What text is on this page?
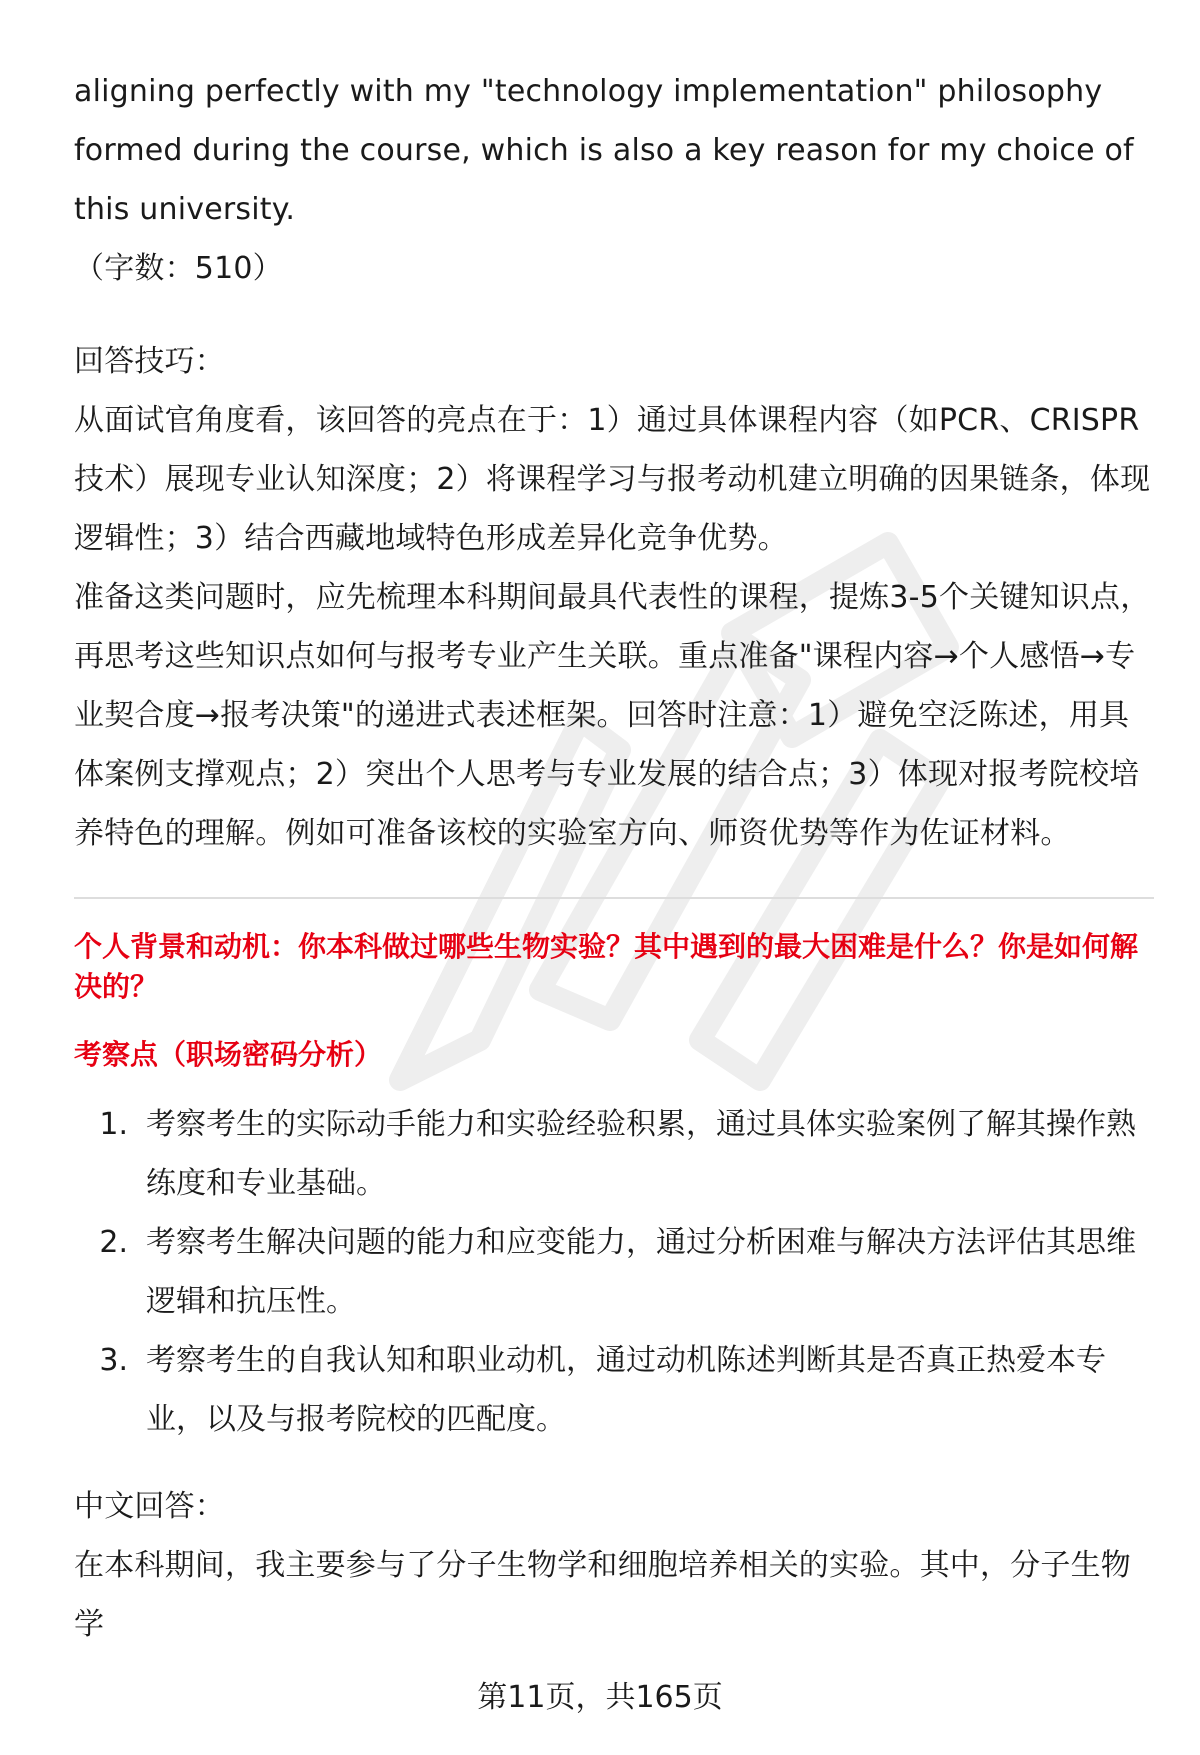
aligning perfectly with my "technology implementation" philosophy formed during the course, which is also a key reason for my choice of this university.

（字数：510）

回答技巧：

从面试官角度看，该回答的亮点在于：1）通过具体课程内容（如PCR、CRISPR技术）展现专业认知深度；2）将课程学习与报考动机建立明确的因果链条，体现逻辑性；3）结合西藏地域特色形成差异化竞争优势。

准备这类问题时，应先梳理本科期间最具代表性的课程，提炼3-5个关键知识点，再思考这些知识点如何与报考专业产生关联。重点准备"课程内容→个人感悟→专业契合度→报考决策"的递进式表述框架。回答时注意：1）避免空泛陈述，用具体案例支撑观点；2）突出个人思考与专业发展的结合点；3）体现对报考院校培养特色的理解。例如可准备该校的实验室方向、师资优势等作为佐证材料。

个人背景和动机：你本科做过哪些生物实验？其中遇到的最大困难是什么？你是如何解决的？

考察点（职场密码分析）

1. 考察考生的实际动手能力和实验经验积累，通过具体实验案例了解其操作熟练度和专业基础。
2. 考察考生解决问题的能力和应变能力，通过分析困难与解决方法评估其思维逻辑和抗压性。
3. 考察考生的自我认知和职业动机，通过动机陈述判断其是否真正热爱本专业，以及与报考院校的匹配度。

中文回答：

在本科期间，我主要参与了分子生物学和细胞培养相关的实验。其中，分子生物学

第11页，共165页
